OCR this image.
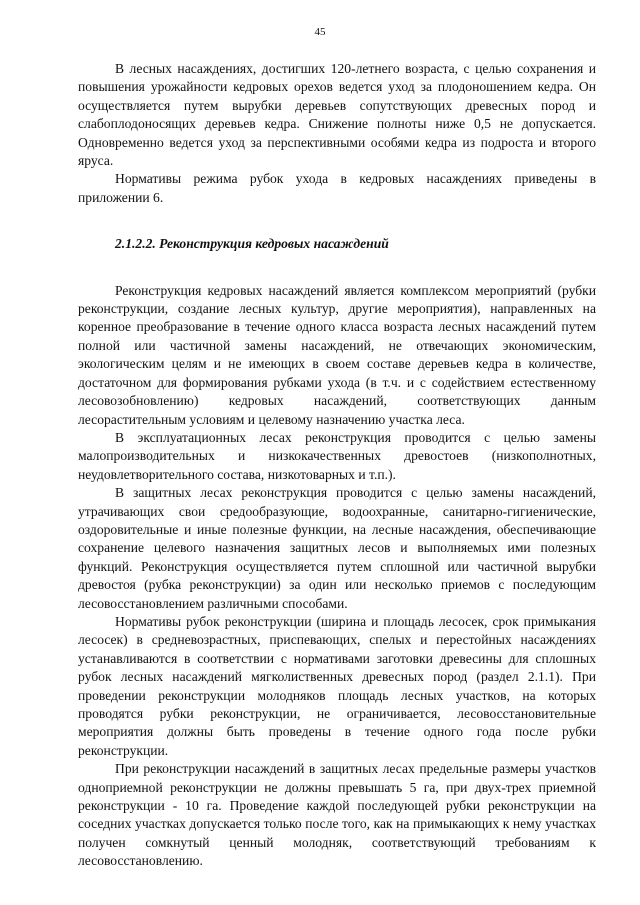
45

В лесных насаждениях, достигших 120-летнего возраста, с целью сохранения и повышения урожайности кедровых орехов ведется уход за плодоношением кедра. Он осуществляется путем вырубки деревьев сопутствующих древесных пород и слабоплодоносящих деревьев кедра. Снижение полноты ниже 0,5 не допускается. Одновременно ведется уход за перспективными особями кедра из подроста и второго яруса.

Нормативы режима рубок ухода в кедровых насаждениях приведены в приложении 6.

2.1.2.2. Реконструкция кедровых насаждений

Реконструкция кедровых насаждений является комплексом мероприятий (рубки реконструкции, создание лесных культур, другие мероприятия), направленных на коренное преобразование в течение одного класса возраста лесных насаждений путем полной или частичной замены насаждений, не отвечающих экономическим, экологическим целям и не имеющих в своем составе деревьев кедра в количестве, достаточном для формирования рубками ухода (в т.ч. и с содействием естественному лесовозобновлению) кедровых насаждений, соответствующих данным лесорастительным условиям и целевому назначению участка леса.

В эксплуатационных лесах реконструкция проводится с целью замены малопроизводительных и низкокачественных древостоев (низкополнотных, неудовлетворительного состава, низкотоварных и т.п.).

В защитных лесах реконструкция проводится с целью замены насаждений, утрачивающих свои средообразующие, водоохранные, санитарно-гигиенические, оздоровительные и иные полезные функции, на лесные насаждения, обеспечивающие сохранение целевого назначения защитных лесов и выполняемых ими полезных функций. Реконструкция осуществляется путем сплошной или частичной вырубки древостоя (рубка реконструкции) за один или несколько приемов с последующим лесовосстановлением различными способами.

Нормативы рубок реконструкции (ширина и площадь лесосек, срок примыкания лесосек) в средневозрастных, приспевающих, спелых и перестойных насаждениях устанавливаются в соответствии с нормативами заготовки древесины для сплошных рубок лесных насаждений мягколиственных древесных пород (раздел 2.1.1). При проведении реконструкции молодняков площадь лесных участков, на которых проводятся рубки реконструкции, не ограничивается, лесовосстановительные мероприятия должны быть проведены в течение одного года после рубки реконструкции.

При реконструкции насаждений в защитных лесах предельные размеры участков одноприемной реконструкции не должны превышать 5 га, при двух-трех приемной реконструкции - 10 га. Проведение каждой последующей рубки реконструкции на соседних участках допускается только после того, как на примыкающих к нему участках получен сомкнутый ценный молодняк, соответствующий требованиям к лесовосстановлению.
